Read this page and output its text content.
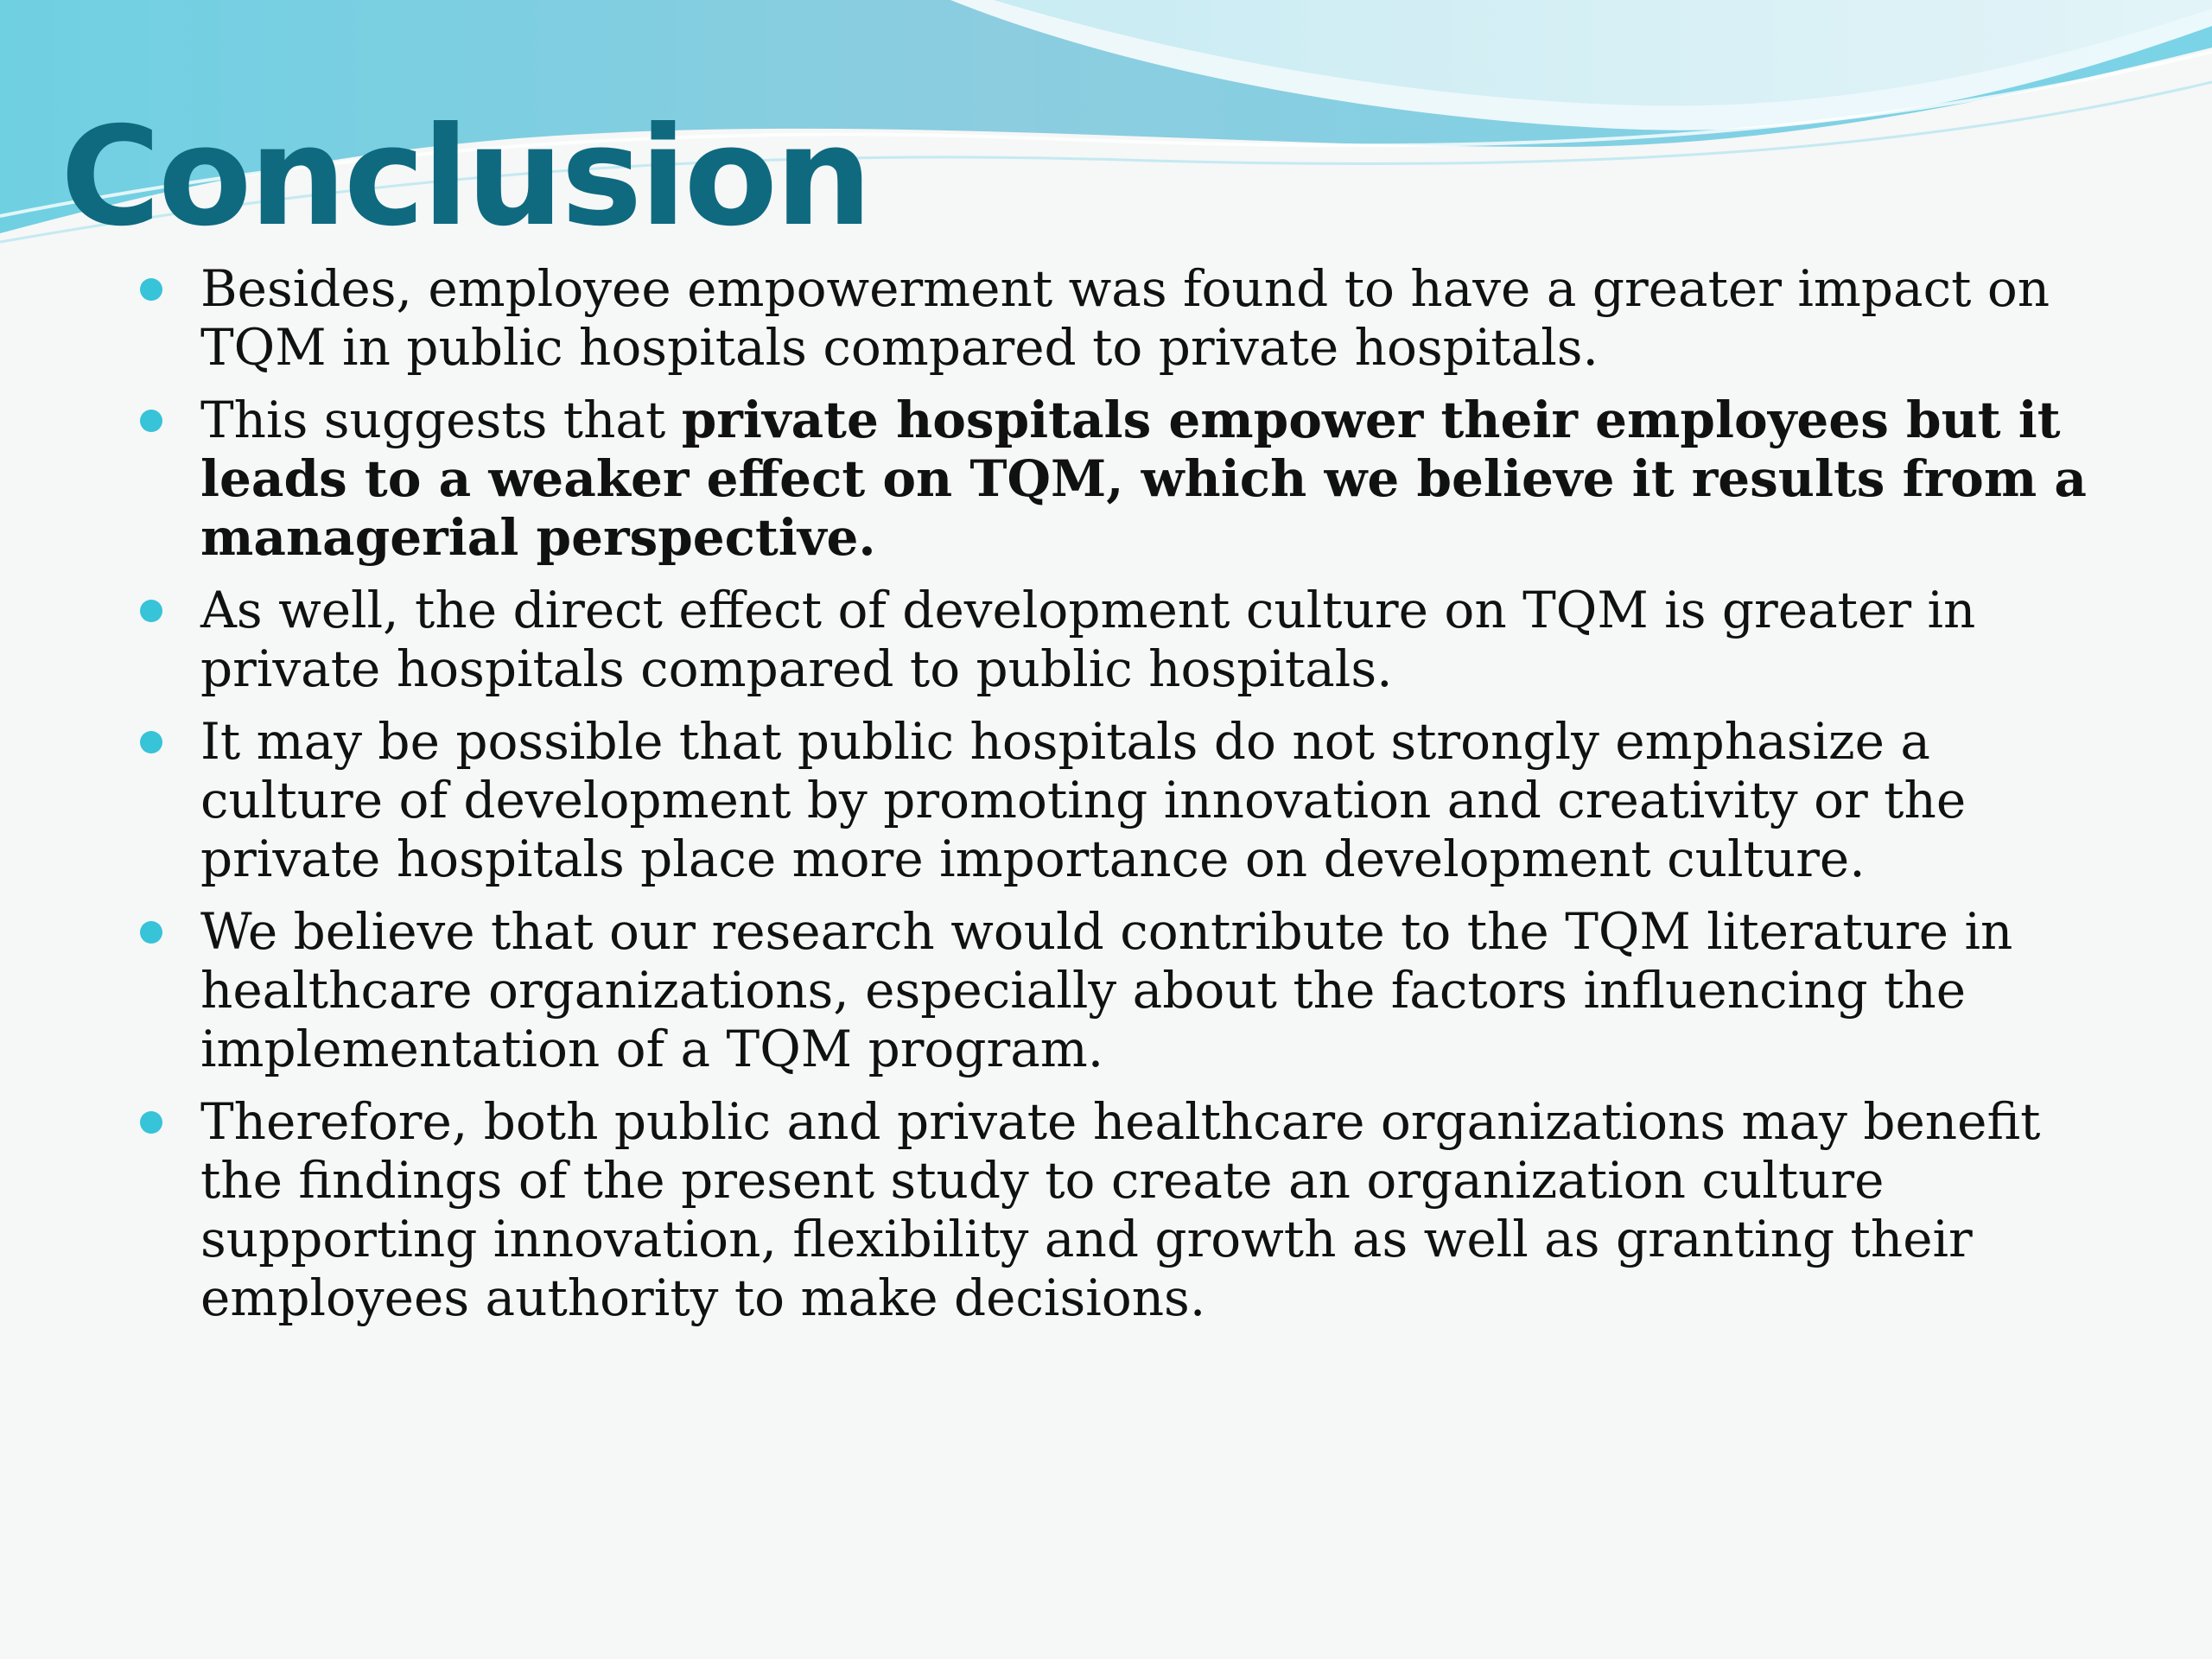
Conclusion
Besides, employee empowerment was found to have a greater impact on TQM in public hospitals compared to private hospitals.
This suggests that private hospitals empower their employees but it leads to a weaker effect on TQM, which we believe it results from a managerial perspective.
As well, the direct effect of development culture on TQM is greater in private hospitals compared to public hospitals.
It may be possible that public hospitals do not strongly emphasize a culture of development by promoting innovation and creativity or the private hospitals place more importance on development culture.
We believe that our research would contribute to the TQM literature in healthcare organizations, especially about the factors influencing the implementation of a TQM program.
Therefore, both public and private healthcare organizations may benefit the findings of the present study to create an organization culture supporting innovation, flexibility and growth as well as granting their employees authority to make decisions.
